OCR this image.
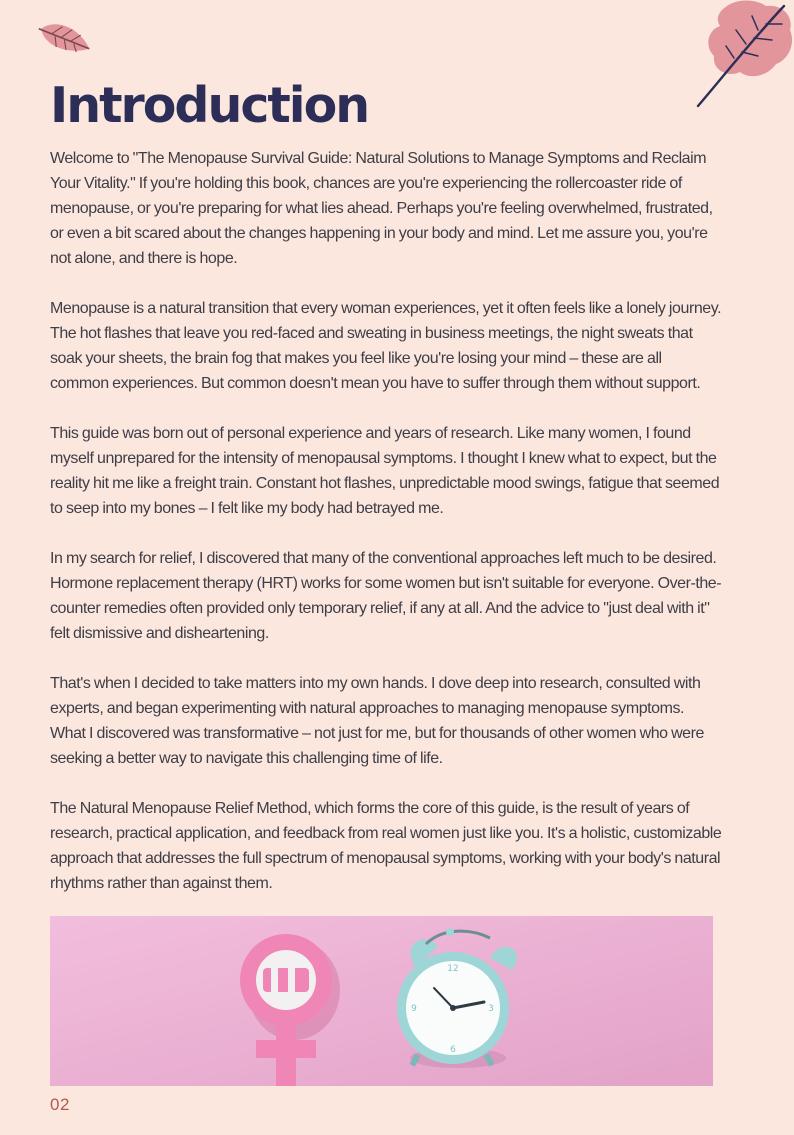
Introduction

Welcome to "The Menopause Survival Guide: Natural Solutions to Manage Symptoms and Reclaim Your Vitality." If you're holding this book, chances are you're experiencing the rollercoaster ride of menopause, or you're preparing for what lies ahead. Perhaps you're feeling overwhelmed, frustrated, or even a bit scared about the changes happening in your body and mind. Let me assure you, you're not alone, and there is hope.

Menopause is a natural transition that every woman experiences, yet it often feels like a lonely journey. The hot flashes that leave you red-faced and sweating in business meetings, the night sweats that soak your sheets, the brain fog that makes you feel like you're losing your mind – these are all common experiences. But common doesn't mean you have to suffer through them without support.

This guide was born out of personal experience and years of research. Like many women, I found myself unprepared for the intensity of menopausal symptoms. I thought I knew what to expect, but the reality hit me like a freight train. Constant hot flashes, unpredictable mood swings, fatigue that seemed to seep into my bones – I felt like my body had betrayed me.

In my search for relief, I discovered that many of the conventional approaches left much to be desired. Hormone replacement therapy (HRT) works for some women but isn't suitable for everyone. Over-the-counter remedies often provided only temporary relief, if any at all. And the advice to "just deal with it" felt dismissive and disheartening.

That's when I decided to take matters into my own hands. I dove deep into research, consulted with experts, and began experimenting with natural approaches to managing menopause symptoms. What I discovered was transformative – not just for me, but for thousands of other women who were seeking a better way to navigate this challenging time of life.

The Natural Menopause Relief Method, which forms the core of this guide, is the result of years of research, practical application, and feedback from real women just like you. It's a holistic, customizable approach that addresses the full spectrum of menopausal symptoms, working with your body's natural rhythms rather than against them.

12
3
6
9
02
